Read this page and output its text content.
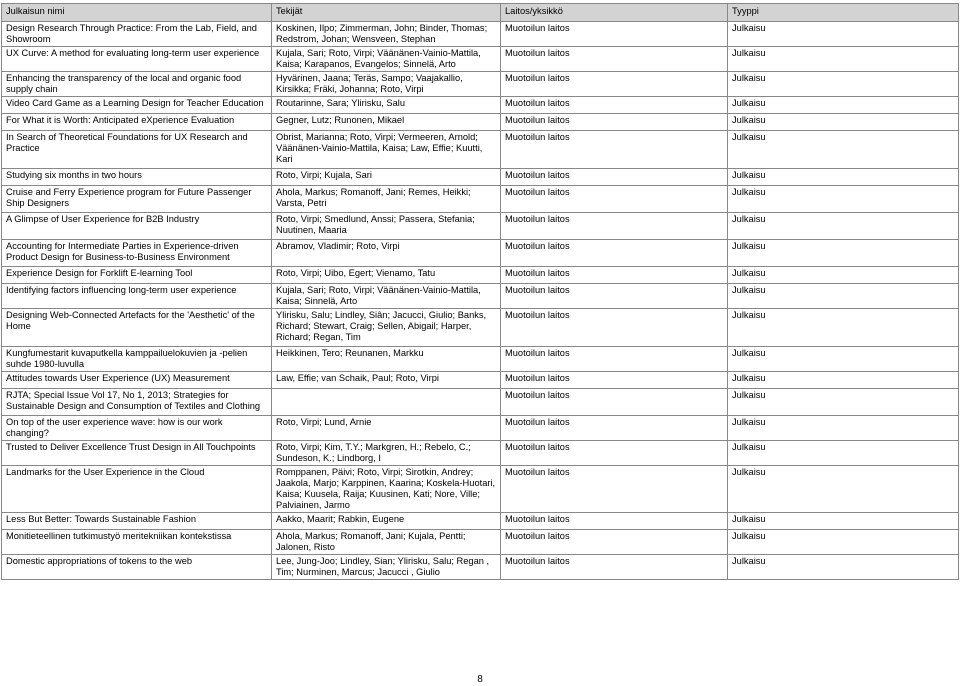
Julkaisun nimi	Tekijät	Laitos/yksikkö	Tyyppi
Design Research Through Practice: From the Lab, Field, and Showroom	Koskinen, Ilpo; Zimmerman, John; Binder, Thomas; Redstrom, Johan; Wensveen, Stephan	Muotoilun laitos	Julkaisu
UX Curve: A method for evaluating long-term user experience	Kujala, Sari; Roto, Virpi; Väänänen-Vainio-Mattila, Kaisa; Karapanos, Evangelos; Sinnelä, Arto	Muotoilun laitos	Julkaisu
Enhancing the transparency of the local and organic food supply chain	Hyvärinen, Jaana; Teräs, Sampo; Vaajakallio, Kirsikka; Fräki, Johanna; Roto, Virpi	Muotoilun laitos	Julkaisu
Video Card Game as a Learning Design for Teacher Education	Routarinne, Sara; Ylirisku, Salu	Muotoilun laitos	Julkaisu
For What it is Worth: Anticipated eXperience Evaluation	Gegner, Lutz; Runonen, Mikael	Muotoilun laitos	Julkaisu
In Search of Theoretical Foundations for UX Research and Practice	Obrist, Marianna; Roto, Virpi; Vermeeren, Arnold; Väänänen-Vainio-Mattila, Kaisa; Law, Effie; Kuutti, Kari	Muotoilun laitos	Julkaisu
Studying six months in two hours	Roto, Virpi; Kujala, Sari	Muotoilun laitos	Julkaisu
Cruise and Ferry Experience program for Future Passenger Ship Designers	Ahola, Markus; Romanoff, Jani; Remes, Heikki; Varsta, Petri	Muotoilun laitos	Julkaisu
A Glimpse of User Experience for B2B Industry	Roto, Virpi; Smedlund, Anssi; Passera, Stefania; Nuutinen, Maaria	Muotoilun laitos	Julkaisu
Accounting for Intermediate Parties in Experience-driven Product Design for Business-to-Business Environment	Abramov, Vladimir; Roto, Virpi	Muotoilun laitos	Julkaisu
Experience Design for Forklift E-learning Tool	Roto, Virpi; Uibo, Egert; Vienamo, Tatu	Muotoilun laitos	Julkaisu
Identifying factors influencing long-term user experience	Kujala, Sari; Roto, Virpi; Väänänen-Vainio-Mattila, Kaisa; Sinnelä, Arto	Muotoilun laitos	Julkaisu
Designing Web-Connected Artefacts for the 'Aesthetic' of the Home	Ylirisku, Salu; Lindley, Siân; Jacucci, Giulio; Banks, Richard; Stewart, Craig; Sellen, Abigail; Harper, Richard; Regan, Tim	Muotoilun laitos	Julkaisu
Kungfumestarit kuvaputkella kamppailuelokuvien ja -pelien suhde 1980-luvulla	Heikkinen, Tero; Reunanen, Markku	Muotoilun laitos	Julkaisu
Attitudes towards User Experience (UX) Measurement	Law, Effie; van Schaik, Paul; Roto, Virpi	Muotoilun laitos	Julkaisu
RJTA; Special Issue Vol 17, No 1, 2013; Strategies for Sustainable Design and Consumption of Textiles and Clothing		Muotoilun laitos	Julkaisu
On top of the user experience wave: how is our work changing?	Roto, Virpi; Lund, Arnie	Muotoilun laitos	Julkaisu
Trusted to Deliver Excellence Trust Design in All Touchpoints	Roto, Virpi; Kim, T.Y.; Markgren, H.; Rebelo, C.; Sundeson, K.; Lindborg, I	Muotoilun laitos	Julkaisu
Landmarks for the User Experience in the Cloud	Romppanen, Päivi; Roto, Virpi; Sirotkin, Andrey; Jaakola, Marjo; Karppinen, Kaarina; Koskela-Huotari, Kaisa; Kuusela, Raija; Kuusinen, Kati; Nore, Ville; Palviainen, Jarmo	Muotoilun laitos	Julkaisu
Less But Better: Towards Sustainable Fashion	Aakko, Maarit; Rabkin, Eugene	Muotoilun laitos	Julkaisu
Monitieteellinen tutkimustyö meritekniikan kontekstissa	Ahola, Markus; Romanoff, Jani; Kujala, Pentti; Jalonen, Risto	Muotoilun laitos	Julkaisu
Domestic appropriations of tokens to the web	Lee, Jung-Joo; Lindley, Sian; Ylirisku, Salu; Regan , Tim; Nurminen, Marcus; Jacucci , Giulio	Muotoilun laitos	Julkaisu
8
